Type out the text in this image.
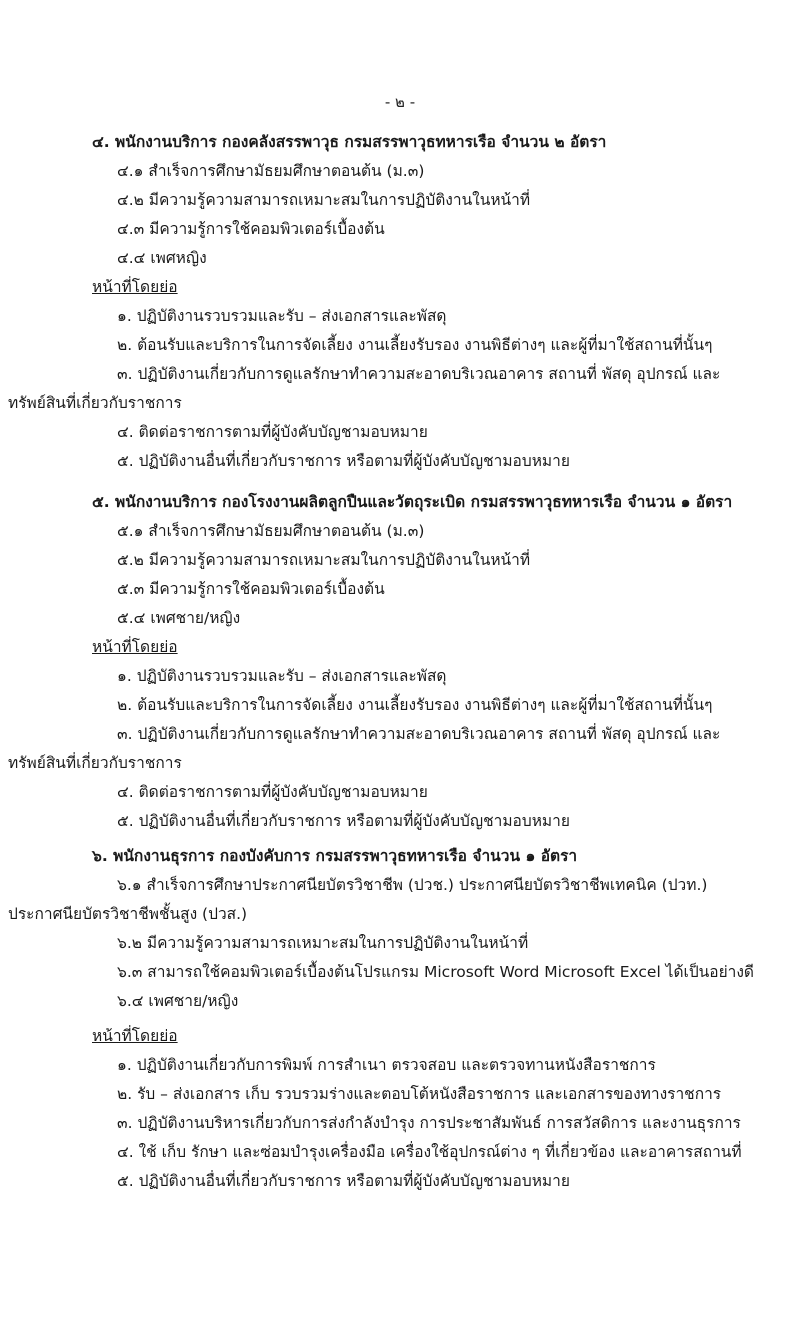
- ๒ -
๔. พนักงานบริการ กองคลังสรรพาวุธ กรมสรรพาวุธทหารเรือ จำนวน ๒ อัตรา
๔.๑ สำเร็จการศึกษามัธยมศึกษาตอนต้น (ม.๓)
๔.๒ มีความรู้ความสามารถเหมาะสมในการปฏิบัติงานในหน้าที่
๔.๓ มีความรู้การใช้คอมพิวเตอร์เบื้องต้น
๔.๔ เพศหญิง
หน้าที่โดยย่อ
๑. ปฏิบัติงานรวบรวมและรับ – ส่งเอกสารและพัสดุ
๒. ต้อนรับและบริการในการจัดเลี้ยง งานเลี้ยงรับรอง งานพิธีต่างๆ และผู้ที่มาใช้สถานที่นั้นๆ
๓. ปฏิบัติงานเกี่ยวกับการดูแลรักษาทำความสะอาดบริเวณอาคาร สถานที่ พัสดุ อุปกรณ์ และ
ทรัพย์สินที่เกี่ยวกับราชการ
๔. ติดต่อราชการตามที่ผู้บังคับบัญชามอบหมาย
๕. ปฏิบัติงานอื่นที่เกี่ยวกับราชการ หรือตามที่ผู้บังคับบัญชามอบหมาย
๕. พนักงานบริการ กองโรงงานผลิตลูกปืนและวัตถุระเบิด กรมสรรพาวุธทหารเรือ จำนวน ๑ อัตรา
๕.๑ สำเร็จการศึกษามัธยมศึกษาตอนต้น (ม.๓)
๕.๒ มีความรู้ความสามารถเหมาะสมในการปฏิบัติงานในหน้าที่
๕.๓ มีความรู้การใช้คอมพิวเตอร์เบื้องต้น
๕.๔ เพศชาย/หญิง
หน้าที่โดยย่อ
๑. ปฏิบัติงานรวบรวมและรับ – ส่งเอกสารและพัสดุ
๒. ต้อนรับและบริการในการจัดเลี้ยง งานเลี้ยงรับรอง งานพิธีต่างๆ และผู้ที่มาใช้สถานที่นั้นๆ
๓. ปฏิบัติงานเกี่ยวกับการดูแลรักษาทำความสะอาดบริเวณอาคาร สถานที่ พัสดุ อุปกรณ์ และ
ทรัพย์สินที่เกี่ยวกับราชการ
๔. ติดต่อราชการตามที่ผู้บังคับบัญชามอบหมาย
๕. ปฏิบัติงานอื่นที่เกี่ยวกับราชการ หรือตามที่ผู้บังคับบัญชามอบหมาย
๖. พนักงานธุรการ กองบังคับการ กรมสรรพาวุธทหารเรือ จำนวน ๑ อัตรา
๖.๑ สำเร็จการศึกษาประกาศนียบัตรวิชาชีพ (ปวช.) ประกาศนียบัตรวิชาชีพเทคนิค (ปวท.)
ประกาศนียบัตรวิชาชีพชั้นสูง (ปวส.)
๖.๒ มีความรู้ความสามารถเหมาะสมในการปฏิบัติงานในหน้าที่
๖.๓ สามารถใช้คอมพิวเตอร์เบื้องต้นโปรแกรม Microsoft Word Microsoft Excel ได้เป็นอย่างดี
๖.๔ เพศชาย/หญิง
หน้าที่โดยย่อ
๑. ปฏิบัติงานเกี่ยวกับการพิมพ์ การสำเนา ตรวจสอบ และตรวจทานหนังสือราชการ
๒. รับ – ส่งเอกสาร เก็บ รวบรวมร่างและตอบโต้หนังสือราชการ และเอกสารของทางราชการ
๓. ปฏิบัติงานบริหารเกี่ยวกับการส่งกำลังบำรุง การประชาสัมพันธ์ การสวัสดิการ และงานธุรการ
๔. ใช้ เก็บ รักษา และซ่อมบำรุงเครื่องมือ เครื่องใช้อุปกรณ์ต่าง ๆ ที่เกี่ยวข้อง และอาคารสถานที่
๕. ปฏิบัติงานอื่นที่เกี่ยวกับราชการ หรือตามที่ผู้บังคับบัญชามอบหมาย
